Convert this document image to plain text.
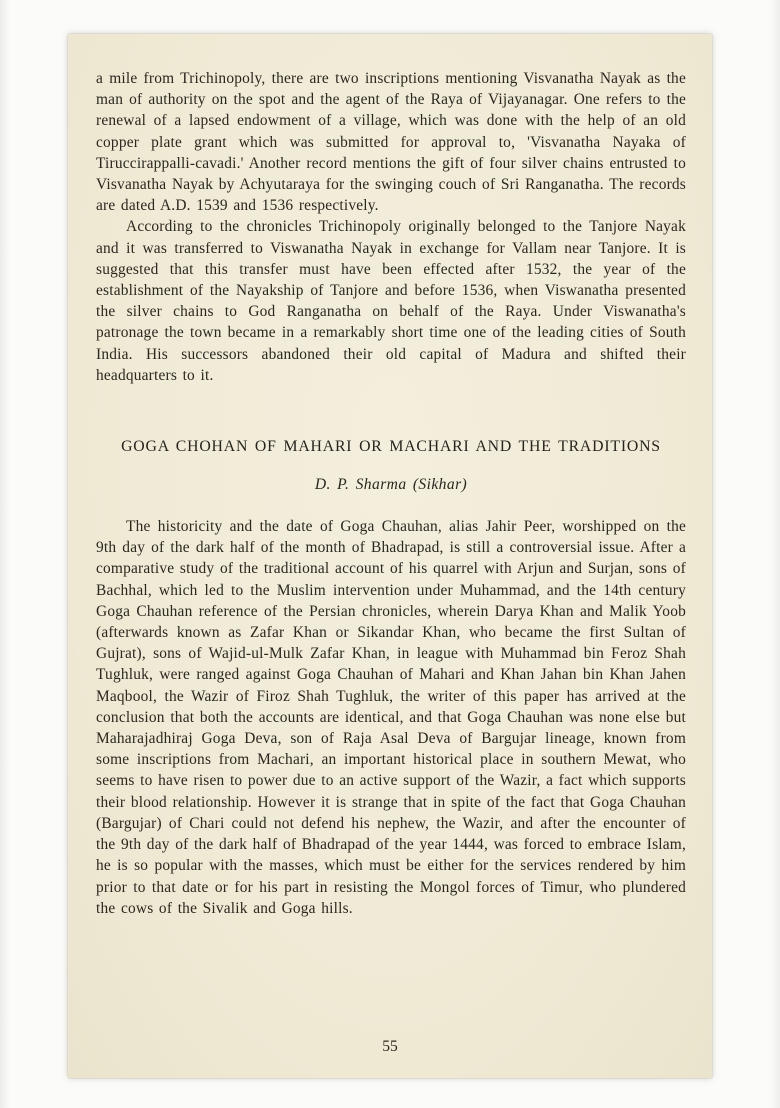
a mile from Trichinopoly, there are two inscriptions mentioning Visvanatha Nayak as the man of authority on the spot and the agent of the Raya of Vijayanagar. One refers to the renewal of a lapsed endowment of a village, which was done with the help of an old copper plate grant which was submitted for approval to, 'Visvanatha Nayaka of Tiruccirappalli-cavadi.' Another record mentions the gift of four silver chains entrusted to Visvanatha Nayak by Achyutaraya for the swinging couch of Sri Ranganatha. The records are dated A.D. 1539 and 1536 respectively.

According to the chronicles Trichinopoly originally belonged to the Tanjore Nayak and it was transferred to Viswanatha Nayak in exchange for Vallam near Tanjore. It is suggested that this transfer must have been effected after 1532, the year of the establishment of the Nayakship of Tanjore and before 1536, when Viswanatha presented the silver chains to God Ranganatha on behalf of the Raya. Under Viswanatha's patronage the town became in a remarkably short time one of the leading cities of South India. His successors abandoned their old capital of Madura and shifted their headquarters to it.

GOGA CHOHAN OF MAHARI OR MACHARI AND THE TRADITIONS
D. P. Sharma (Sikhar)

The historicity and the date of Goga Chauhan, alias Jahir Peer, worshipped on the 9th day of the dark half of the month of Bhadrapad, is still a controversial issue. After a comparative study of the traditional account of his quarrel with Arjun and Surjan, sons of Bachhal, which led to the Muslim intervention under Muhammad, and the 14th century Goga Chauhan reference of the Persian chronicles, wherein Darya Khan and Malik Yoob (afterwards known as Zafar Khan or Sikandar Khan, who became the first Sultan of Gujrat), sons of Wajid-ul-Mulk Zafar Khan, in league with Muhammad bin Feroz Shah Tughluk, were ranged against Goga Chauhan of Mahari and Khan Jahan bin Khan Jahen Maqbool, the Wazir of Firoz Shah Tughluk, the writer of this paper has arrived at the conclusion that both the accounts are identical, and that Goga Chauhan was none else but Maharajadhiraj Goga Deva, son of Raja Asal Deva of Bargujar lineage, known from some inscriptions from Machari, an important historical place in southern Mewat, who seems to have risen to power due to an active support of the Wazir, a fact which supports their blood relationship. However it is strange that in spite of the fact that Goga Chauhan (Bargujar) of Chari could not defend his nephew, the Wazir, and after the encounter of the 9th day of the dark half of Bhadrapad of the year 1444, was forced to embrace Islam, he is so popular with the masses, which must be either for the services rendered by him prior to that date or for his part in resisting the Mongol forces of Timur, who plundered the cows of the Sivalik and Goga hills.

55
